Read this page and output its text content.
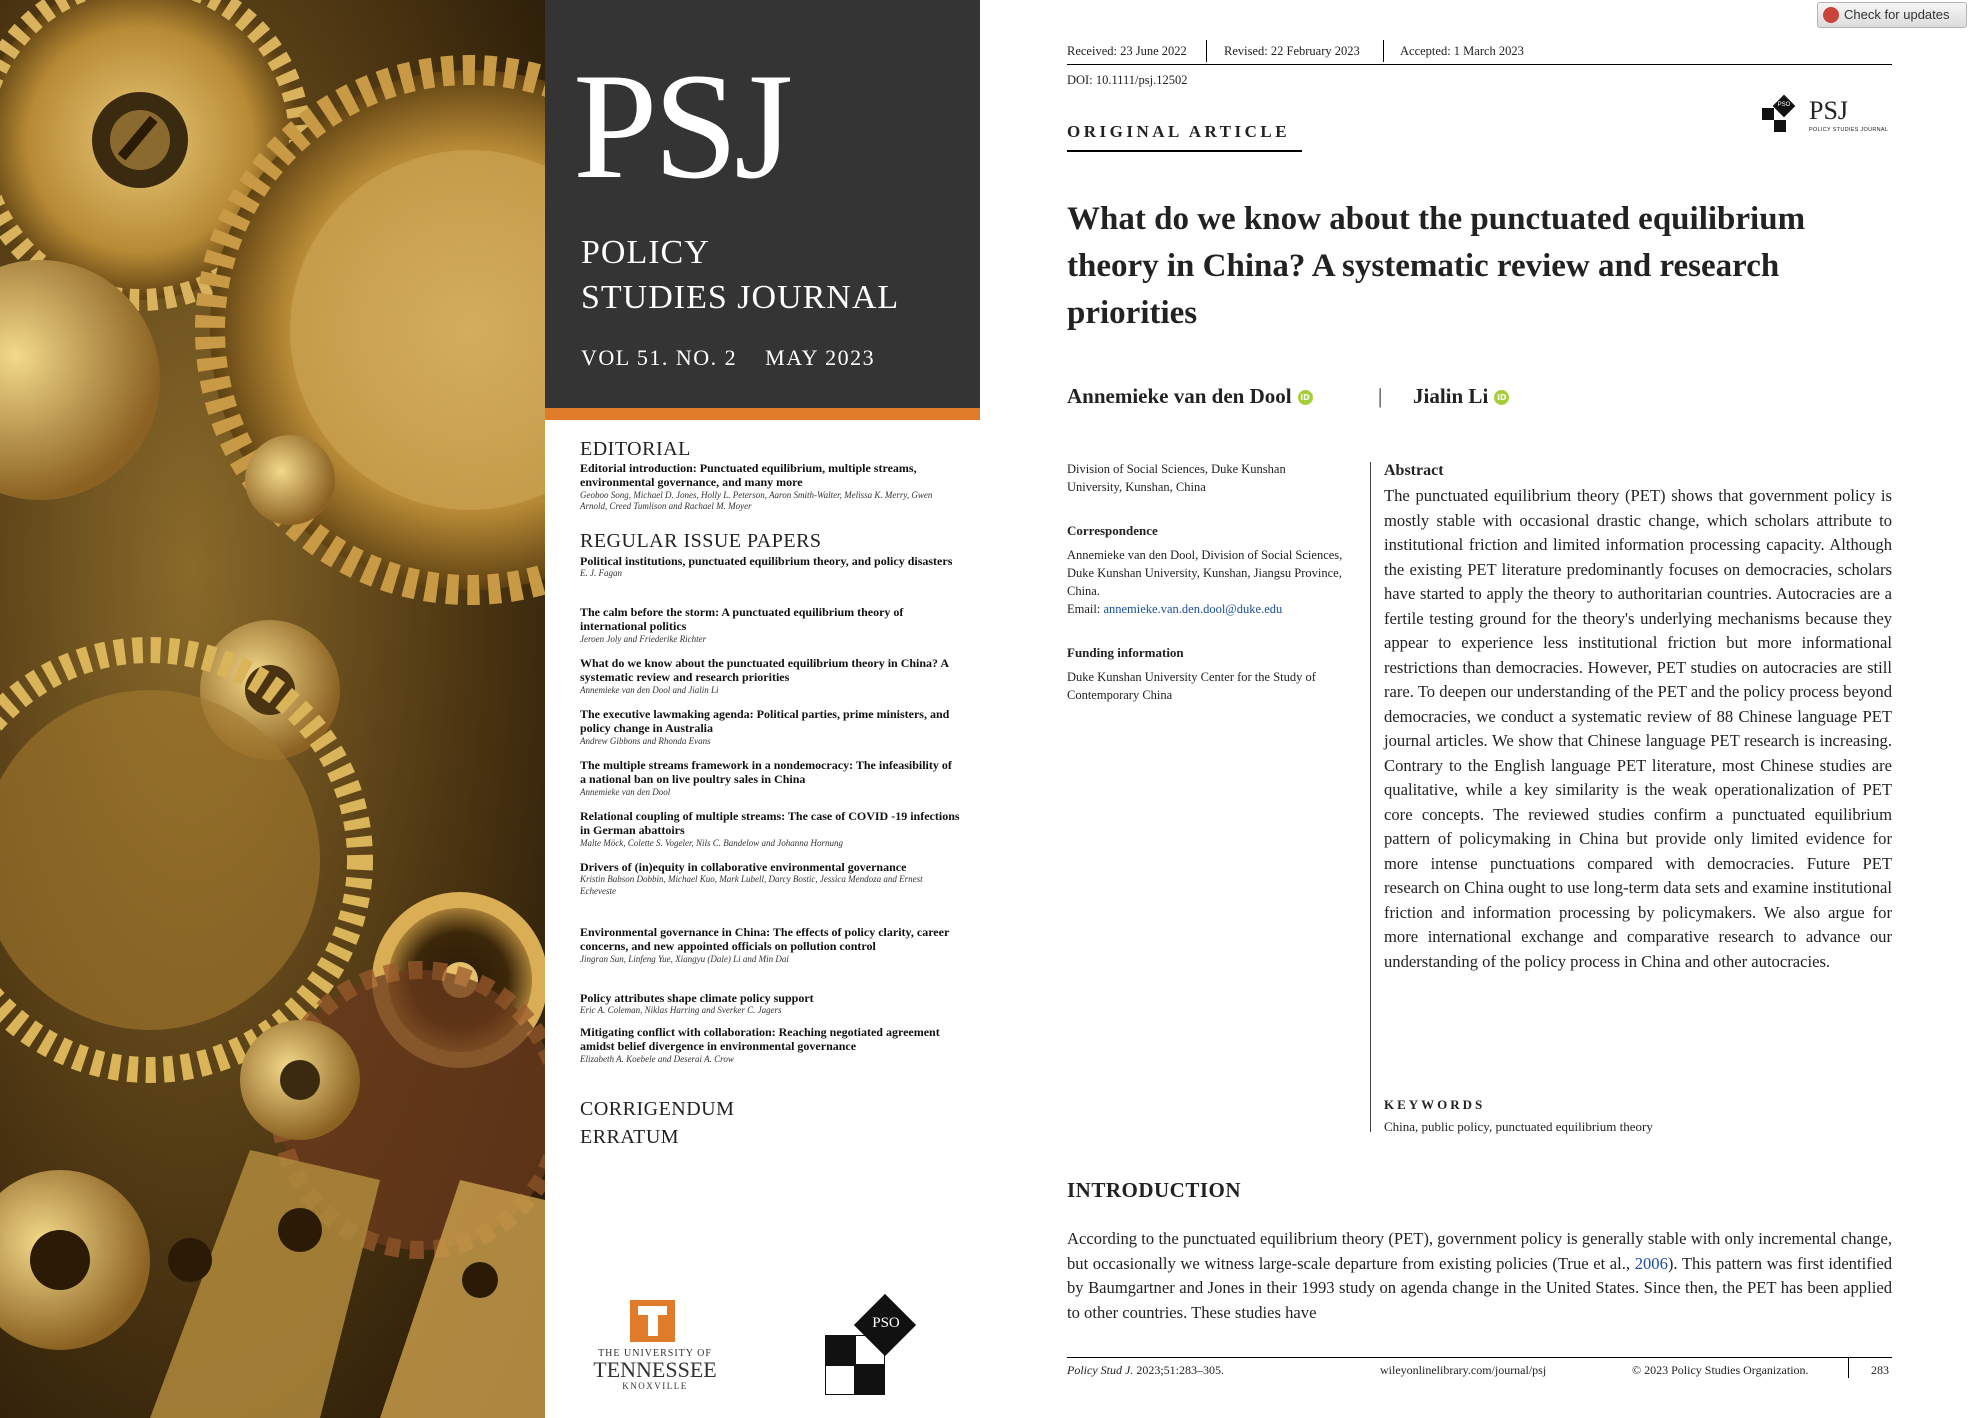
PSJ
POLICY
STUDIES JOURNAL
VOL 51. NO. 2    MAY 2023
EDITORIAL
Editorial introduction: Punctuated equilibrium, multiple streams, environmental governance, and many more
Geoboo Song, Michael D. Jones, Holly L. Peterson, Aaron Smith-Walter, Melissa K. Merry, Gwen Arnold, Creed Tumlison and Rachael M. Moyer
REGULAR ISSUE PAPERS
Political institutions, punctuated equilibrium theory, and policy disasters
E. J. Fagan
The calm before the storm: A punctuated equilibrium theory of international politics
Jeroen Joly and Friederike Richter
What do we know about the punctuated equilibrium theory in China? A systematic review and research priorities
Annemieke van den Dool and Jialin Li
The executive lawmaking agenda: Political parties, prime ministers, and policy change in Australia
Andrew Gibbons and Rhonda Evans
The multiple streams framework in a nondemocracy: The infeasibility of a national ban on live poultry sales in China
Annemieke van den Dool
Relational coupling of multiple streams: The case of COVID -19 infections in German abattoirs
Malte Möck, Colette S. Vogeler, Nils C. Bandelow and Johanna Hornung
Drivers of (in)equity in collaborative environmental governance
Kristin Babson Dobbin, Michael Kuo, Mark Lubell, Darcy Bostic, Jessica Mendoza and Ernest Echeveste
Environmental governance in China: The effects of policy clarity, career concerns, and new appointed officials on pollution control
Jingran Sun, Linfeng Yue, Xiangyu (Dale) Li and Min Dai
Policy attributes shape climate policy support
Eric A. Coleman, Niklas Harring and Sverker C. Jagers
Mitigating conflict with collaboration: Reaching negotiated agreement amidst belief divergence in environmental governance
Elizabeth A. Koebele and Deserai A. Crow
CORRIGENDUM
ERRATUM
THE UNIVERSITY OF
TENNESSEE
KNOXVILLE
PSO
Received: 23 June 2022	Revised: 22 February 2023	Accepted: 1 March 2023
DOI: 10.1111/psj.12502
PSO PSJ
POLICY STUDIES JOURNAL
ORIGINAL ARTICLE
What do we know about the punctuated equilibrium theory in China? A systematic review and research priorities
Annemieke van den Dool iD	| Jialin Li iD
Division of Social Sciences, Duke Kunshan University, Kunshan, China
Correspondence
Annemieke van den Dool, Division of Social Sciences, Duke Kunshan University, Kunshan, Jiangsu Province, China.
Email: annemieke.van.den.dool@duke.edu
Funding information
Duke Kunshan University Center for the Study of Contemporary China
Abstract

The punctuated equilibrium theory (PET) shows that government policy is mostly stable with occasional drastic change, which scholars attribute to institutional friction and limited information processing capacity. Although the existing PET literature predominantly focuses on democracies, scholars have started to apply the theory to authoritarian countries. Autocracies are a fertile testing ground for the theory's underlying mechanisms because they appear to experience less institutional friction but more informational restrictions than democracies. However, PET studies on autocracies are still rare. To deepen our understanding of the PET and the policy process beyond democracies, we conduct a systematic review of 88 Chinese language PET journal articles. We show that Chinese language PET research is increasing. Contrary to the English language PET literature, most Chinese studies are qualitative, while a key similarity is the weak operationalization of PET core concepts. The reviewed studies confirm a punctuated equilibrium pattern of policymaking in China but provide only limited evidence for more intense punctuations compared with democracies. Future PET research on China ought to use long-term data sets and examine institutional friction and information processing by policymakers. We also argue for more international exchange and comparative research to advance our understanding of the policy process in China and other autocracies.

KEYWORDS
China, public policy, punctuated equilibrium theory
INTRODUCTION

According to the punctuated equilibrium theory (PET), government policy is generally stable with only incremental change, but occasionally we witness large-scale departure from existing policies (True et al., 2006). This pattern was first identified by Baumgartner and Jones in their 1993 study on agenda change in the United States. Since then, the PET has been applied to other countries. These studies have

Policy Stud J. 2023;51:283–305.	wileyonlinelibrary.com/journal/psj	© 2023 Policy Studies Organization.	283
Check for updates
